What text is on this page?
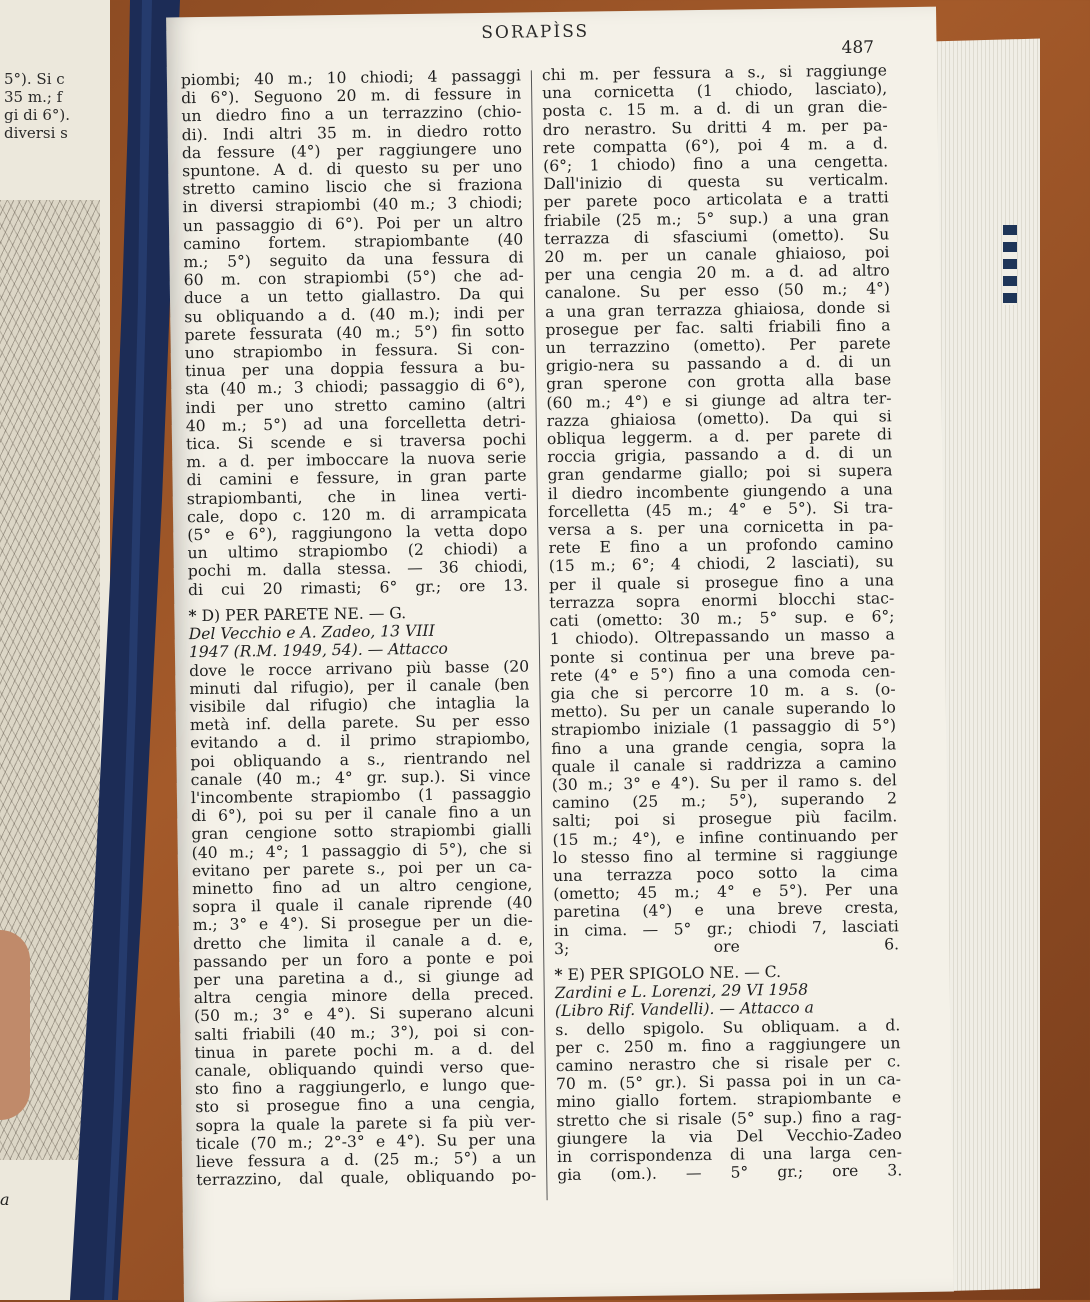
5°). Si c
35 m.; f
gi di 6°).
diversi s
a
SORAPÌSS
487
piombi; 40 m.; 10 chiodi; 4 passaggi
di 6°). Seguono 20 m. di fessure in
un diedro fino a un terrazzino (chio-
di). Indi altri 35 m. in diedro rotto
da fessure (4°) per raggiungere uno
spuntone. A d. di questo su per uno
stretto camino liscio che si fraziona
in diversi strapiombi (40 m.; 3 chiodi;
un passaggio di 6°). Poi per un altro
camino fortem. strapiombante (40
m.; 5°) seguito da una fessura di
60 m. con strapiombi (5°) che ad-
duce a un tetto giallastro. Da qui
su obliquando a d. (40 m.); indi per
parete fessurata (40 m.; 5°) fin sotto
uno strapiombo in fessura. Si con-
tinua per una doppia fessura a bu-
sta (40 m.; 3 chiodi; passaggio di 6°),
indi per uno stretto camino (altri
40 m.; 5°) ad una forcelletta detri-
tica. Si scende e si traversa pochi
m. a d. per imboccare la nuova serie
di camini e fessure, in gran parte
strapiombanti, che in linea verti-
cale, dopo c. 120 m. di arrampicata
(5° e 6°), raggiungono la vetta dopo
un ultimo strapiombo (2 chiodi) a
pochi m. dalla stessa. — 36 chiodi,
di cui 20 rimasti; 6° gr.; ore 13.
* D) PER PARETE NE. — G.
Del Vecchio e A. Zadeo, 13 VIII
1947 (R.M. 1949, 54). — Attacco
dove le rocce arrivano più basse (20
minuti dal rifugio), per il canale (ben
visibile dal rifugio) che intaglia la
metà inf. della parete. Su per esso
evitando a d. il primo strapiombo,
poi obliquando a s., rientrando nel
canale (40 m.; 4° gr. sup.). Si vince
l'incombente strapiombo (1 passaggio
di 6°), poi su per il canale fino a un
gran cengione sotto strapiombi gialli
(40 m.; 4°; 1 passaggio di 5°), che si
evitano per parete s., poi per un ca-
minetto fino ad un altro cengione,
sopra il quale il canale riprende (40
m.; 3° e 4°). Si prosegue per un die-
dretto che limita il canale a d. e,
passando per un foro a ponte e poi
per una paretina a d., si giunge ad
altra cengia minore della preced.
(50 m.; 3° e 4°). Si superano alcuni
salti friabili (40 m.; 3°), poi si con-
tinua in parete pochi m. a d. del
canale, obliquando quindi verso que-
sto fino a raggiungerlo, e lungo que-
sto si prosegue fino a una cengia,
sopra la quale la parete si fa più ver-
ticale (70 m.; 2°-3° e 4°). Su per una
lieve fessura a d. (25 m.; 5°) a un
terrazzino, dal quale, obliquando po-
chi m. per fessura a s., si raggiunge
una cornicetta (1 chiodo, lasciato),
posta c. 15 m. a d. di un gran die-
dro nerastro. Su dritti 4 m. per pa-
rete compatta (6°), poi 4 m. a d.
(6°; 1 chiodo) fino a una cengetta.
Dall'inizio di questa su verticalm.
per parete poco articolata e a tratti
friabile (25 m.; 5° sup.) a una gran
terrazza di sfasciumi (ometto). Su
20 m. per un canale ghiaioso, poi
per una cengia 20 m. a d. ad altro
canalone. Su per esso (50 m.; 4°)
a una gran terrazza ghiaiosa, donde si
prosegue per fac. salti friabili fino a
un terrazzino (ometto). Per parete
grigio-nera su passando a d. di un
gran sperone con grotta alla base
(60 m.; 4°) e si giunge ad altra ter-
razza ghiaiosa (ometto). Da qui si
obliqua leggerm. a d. per parete di
roccia grigia, passando a d. di un
gran gendarme giallo; poi si supera
il diedro incombente giungendo a una
forcelletta (45 m.; 4° e 5°). Si tra-
versa a s. per una cornicetta in pa-
rete E fino a un profondo camino
(15 m.; 6°; 4 chiodi, 2 lasciati), su
per il quale si prosegue fino a una
terrazza sopra enormi blocchi stac-
cati (ometto: 30 m.; 5° sup. e 6°;
1 chiodo). Oltrepassando un masso a
ponte si continua per una breve pa-
rete (4° e 5°) fino a una comoda cen-
gia che si percorre 10 m. a s. (o-
metto). Su per un canale superando lo
strapiombo iniziale (1 passaggio di 5°)
fino a una grande cengia, sopra la
quale il canale si raddrizza a camino
(30 m.; 3° e 4°). Su per il ramo s. del
camino (25 m.; 5°), superando 2
salti; poi si prosegue più facilm.
(15 m.; 4°), e infine continuando per
lo stesso fino al termine si raggiunge
una terrazza poco sotto la cima
(ometto; 45 m.; 4° e 5°). Per una
paretina (4°) e una breve cresta,
in cima. — 5° gr.; chiodi 7, lasciati
3; ore 6.
* E) PER SPIGOLO NE. — C.
Zardini e L. Lorenzi, 29 VI 1958
(Libro Rif. Vandelli). — Attacco a
s. dello spigolo. Su obliquam. a d.
per c. 250 m. fino a raggiungere un
camino nerastro che si risale per c.
70 m. (5° gr.). Si passa poi in un ca-
mino giallo fortem. strapiombante e
stretto che si risale (5° sup.) fino a rag-
giungere la via Del Vecchio-Zadeo
in corrispondenza di una larga cen-
gia (om.). — 5° gr.; ore 3.
